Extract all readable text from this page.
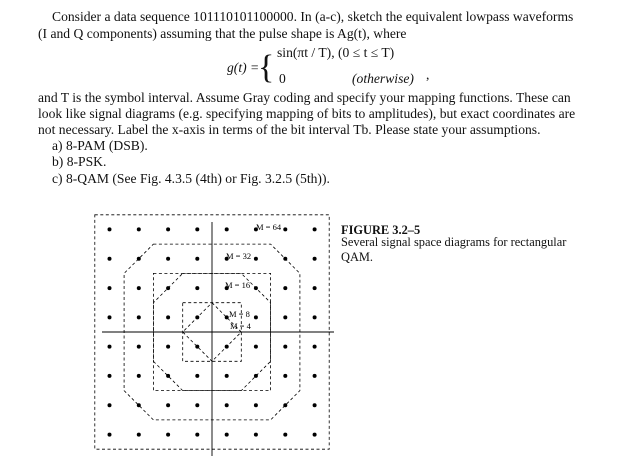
Consider a data sequence 101110101100000. In (a-c), sketch the equivalent lowpass waveforms
(I and Q components) assuming that the pulse shape is Ag(t), where
g(t) =
{ sin(πt / T), (0 ≤ t ≤ T)
0	(otherwise) ,
and T is the symbol interval. Assume Gray coding and specify your mapping functions. These can
look like signal diagrams (e.g. specifying mapping of bits to amplitudes), but exact coordinates are
not necessary. Label the x-axis in terms of the bit interval Tb. Please state your assumptions.
a) 8-PAM (DSB).
b) 8-PSK.
c) 8-QAM (See Fig. 4.3.5 (4th) or Fig. 3.2.5 (5th)).
M = 64
M = 32
M = 16
M = 8
M = 4
FIGURE 3.2–5
Several signal space diagrams for rectangular QAM.
